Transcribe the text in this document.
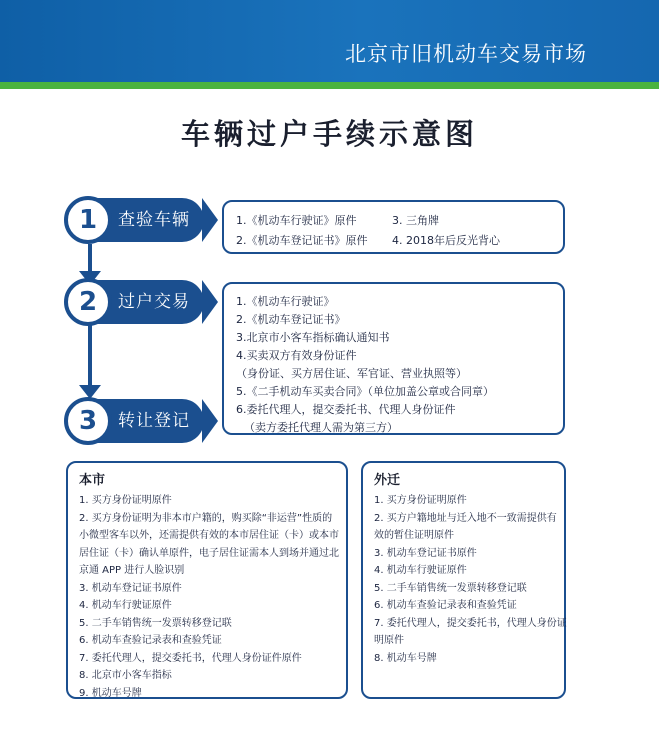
北京市旧机动车交易市场
车辆过户手续示意图
1	查验车辆
2	过户交易
3	转让登记
1.《机动车行驶证》原件
2.《机动车登记证书》原件
3. 三角牌
4. 2018年后反光背心
1.《机动车行驶证》
2.《机动车登记证书》
3.北京市小客车指标确认通知书
4.买卖双方有效身份证件
（身份证、买方居住证、军官证、营业执照等）
5.《二手机动车买卖合同》（单位加盖公章或合同章）
6.委托代理人，提交委托书、代理人身份证件
（卖方委托代理人需为第三方）
本市
1. 买方身份证明原件
2. 买方身份证明为非本市户籍的，购买除“非运营”性质的
小微型客车以外，还需提供有效的本市居住证（卡）或本市
居住证（卡）确认单原件，电子居住证需本人到场并通过北
京通 APP 进行人脸识别
3. 机动车登记证书原件
4. 机动车行驶证原件
5. 二手车销售统一发票转移登记联
6. 机动车查验记录表和查验凭证
7. 委托代理人，提交委托书，代理人身份证件原件
8. 北京市小客车指标
9. 机动车号牌
外迁
1. 买方身份证明原件
2. 买方户籍地址与迁入地不一致需提供有
效的暂住证明原件
3. 机动车登记证书原件
4. 机动车行驶证原件
5. 二手车销售统一发票转移登记联
6. 机动车查验记录表和查验凭证
7. 委托代理人，提交委托书，代理人身份证
明原件
8. 机动车号牌
